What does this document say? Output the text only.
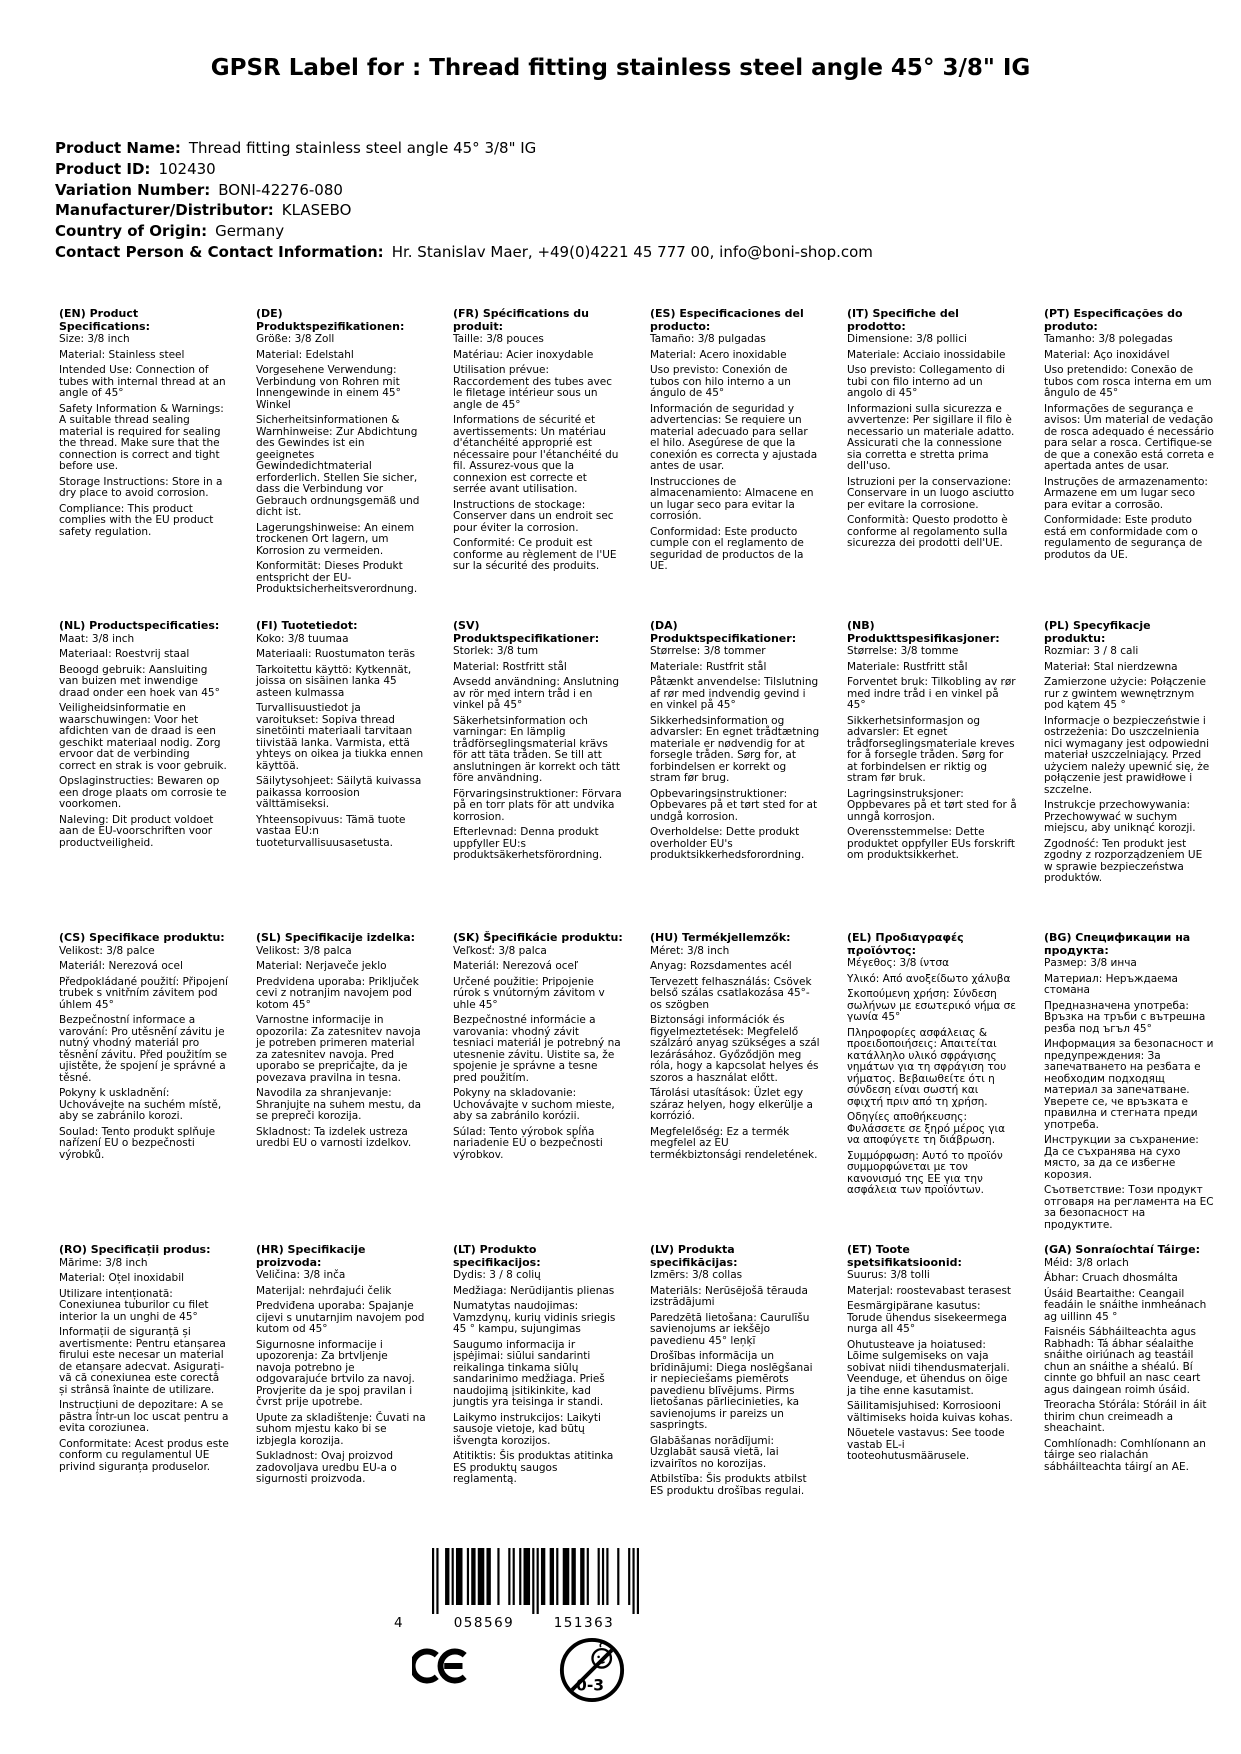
GPSR Label for : Thread fitting stainless steel angle 45° 3/8" IG
Product Name: Thread fitting stainless steel angle 45° 3/8" IG
Product ID: 102430
Variation Number: BONI-42276-080
Manufacturer/Distributor: KLASEBO
Country of Origin: Germany
Contact Person & Contact Information: Hr. Stanislav Maer, +49(0)4221 45 777 00, info@boni-shop.com
(EN) Product Specifications:

Size: 3/8 inch

Material: Stainless steel

Intended Use: Connection of tubes with internal thread at an angle of 45°

Safety Information & Warnings: A suitable thread sealing material is required for sealing the thread. Make sure that the connection is correct and tight before use.

Storage Instructions: Store in a dry place to avoid corrosion.

Compliance: This product complies with the EU product safety regulation.

(DE) Produktspezifikationen:

Größe: 3/8 Zoll

Material: Edelstahl

Vorgesehene Verwendung: Verbindung von Rohren mit Innengewinde in einem 45° Winkel

Sicherheitsinformationen & Warnhinweise: Zur Abdichtung des Gewindes ist ein geeignetes Gewindedichtmaterial erforderlich. Stellen Sie sicher, dass die Verbindung vor Gebrauch ordnungsgemäß und dicht ist.

Lagerungshinweise: An einem trockenen Ort lagern, um Korrosion zu vermeiden.

Konformität: Dieses Produkt entspricht der EU-Produktsicherheitsverordnung.

(FR) Spécifications du produit:

Taille: 3/8 pouces

Matériau: Acier inoxydable

Utilisation prévue: Raccordement des tubes avec le filetage intérieur sous un angle de 45°

Informations de sécurité et avertissements: Un matériau d'étanchéité approprié est nécessaire pour l'étanchéité du fil. Assurez-vous que la connexion est correcte et serrée avant utilisation.

Instructions de stockage: Conserver dans un endroit sec pour éviter la corrosion.

Conformité: Ce produit est conforme au règlement de l'UE sur la sécurité des produits.

(ES) Especificaciones del producto:

Tamaño: 3/8 pulgadas

Material: Acero inoxidable

Uso previsto: Conexión de tubos con hilo interno a un ángulo de 45°

Información de seguridad y advertencias: Se requiere un material adecuado para sellar el hilo. Asegúrese de que la conexión es correcta y ajustada antes de usar.

Instrucciones de almacenamiento: Almacene en un lugar seco para evitar la corrosión.

Conformidad: Este producto cumple con el reglamento de seguridad de productos de la UE.

(IT) Specifiche del prodotto:

Dimensione: 3/8 pollici

Materiale: Acciaio inossidabile

Uso previsto: Collegamento di tubi con filo interno ad un angolo di 45°

Informazioni sulla sicurezza e avvertenze: Per sigillare il filo è necessario un materiale adatto. Assicurati che la connessione sia corretta e stretta prima dell'uso.

Istruzioni per la conservazione: Conservare in un luogo asciutto per evitare la corrosione.

Conformità: Questo prodotto è conforme al regolamento sulla sicurezza dei prodotti dell'UE.

(PT) Especificações do produto:

Tamanho: 3/8 polegadas

Material: Aço inoxidável

Uso pretendido: Conexão de tubos com rosca interna em um ângulo de 45°

Informações de segurança e avisos: Um material de vedação de rosca adequado é necessário para selar a rosca. Certifique-se de que a conexão está correta e apertada antes de usar.

Instruções de armazenamento: Armazene em um lugar seco para evitar a corrosão.

Conformidade: Este produto está em conformidade com o regulamento de segurança de produtos da UE.

(NL) Productspecificaties:

Maat: 3/8 inch

Materiaal: Roestvrij staal

Beoogd gebruik: Aansluiting van buizen met inwendige draad onder een hoek van 45°

Veiligheidsinformatie en waarschuwingen: Voor het afdichten van de draad is een geschikt materiaal nodig. Zorg ervoor dat de verbinding correct en strak is voor gebruik.

Opslaginstructies: Bewaren op een droge plaats om corrosie te voorkomen.

Naleving: Dit product voldoet aan de EU-voorschriften voor productveiligheid.

(FI) Tuotetiedot:

Koko: 3/8 tuumaa

Materiaali: Ruostumaton teräs

Tarkoitettu käyttö: Kytkennät, joissa on sisäinen lanka 45 asteen kulmassa

Turvallisuustiedot ja varoitukset: Sopiva thread sinetöinti materiaali tarvitaan tiivistää lanka. Varmista, että yhteys on oikea ja tiukka ennen käyttöä.

Säilytysohjeet: Säilytä kuivassa paikassa korroosion välttämiseksi.

Yhteensopivuus: Tämä tuote vastaa EU:n tuoteturvallisuusasetusta.

(SV) Produktspecifikationer:

Storlek: 3/8 tum

Material: Rostfritt stål

Avsedd användning: Anslutning av rör med intern tråd i en vinkel på 45°

Säkerhetsinformation och varningar: En lämplig trådförseglingsmaterial krävs för att täta tråden. Se till att anslutningen är korrekt och tätt före användning.

Förvaringsinstruktioner: Förvara på en torr plats för att undvika korrosion.

Efterlevnad: Denna produkt uppfyller EU:s produktsäkerhetsförordning.

(DA) Produktspecifikationer:

Størrelse: 3/8 tommer

Materiale: Rustfrit stål

Påtænkt anvendelse: Tilslutning af rør med indvendig gevind i en vinkel på 45°

Sikkerhedsinformation og advarsler: En egnet trådtætning materiale er nødvendig for at forsegle tråden. Sørg for, at forbindelsen er korrekt og stram før brug.

Opbevaringsinstruktioner: Opbevares på et tørt sted for at undgå korrosion.

Overholdelse: Dette produkt overholder EU's produktsikkerhedsforordning.

(NB) Produkttspesifikasjoner:

Størrelse: 3/8 tomme

Materiale: Rustfritt stål

Forventet bruk: Tilkobling av rør med indre tråd i en vinkel på 45°

Sikkerhetsinformasjon og advarsler: Et egnet trådforseglingsmateriale kreves for å forsegle tråden. Sørg for at forbindelsen er riktig og stram før bruk.

Lagringsinstruksjoner: Oppbevares på et tørt sted for å unngå korrosjon.

Overensstemmelse: Dette produktet oppfyller EUs forskrift om produktsikkerhet.

(PL) Specyfikacje produktu:

Rozmiar: 3 / 8 cali

Materiał: Stal nierdzewna

Zamierzone użycie: Połączenie rur z gwintem wewnętrznym pod kątem 45 °

Informacje o bezpieczeństwie i ostrzeżenia: Do uszczelnienia nici wymagany jest odpowiedni materiał uszczelniający. Przed użyciem należy upewnić się, że połączenie jest prawidłowe i szczelne.

Instrukcje przechowywania: Przechowywać w suchym miejscu, aby uniknąć korozji.

Zgodność: Ten produkt jest zgodny z rozporządzeniem UE w sprawie bezpieczeństwa produktów.

(CS) Specifikace produktu:

Velikost: 3/8 palce

Materiál: Nerezová ocel

Předpokládané použití: Připojení trubek s vnitřním závitem pod úhlem 45°

Bezpečnostní informace a varování: Pro utěsnění závitu je nutný vhodný materiál pro těsnění závitu. Před použitím se ujistěte, že spojení je správné a těsné.

Pokyny k uskladnění: Uchovávejte na suchém místě, aby se zabránilo korozi.

Soulad: Tento produkt splňuje nařízení EU o bezpečnosti výrobků.

(SL) Specifikacije izdelka:

Velikost: 3/8 palca

Material: Nerjaveče jeklo

Predvidena uporaba: Priključek cevi z notranjim navojem pod kotom 45°

Varnostne informacije in opozorila: Za zatesnitev navoja je potreben primeren material za zatesnitev navoja. Pred uporabo se prepričajte, da je povezava pravilna in tesna.

Navodila za shranjevanje: Shranjujte na suhem mestu, da se prepreči korozija.

Skladnost: Ta izdelek ustreza uredbi EU o varnosti izdelkov.

(SK) Špecifikácie produktu:

Veľkosť: 3/8 palca

Materiál: Nerezová oceľ

Určené použitie: Pripojenie rúrok s vnútorným závitom v uhle 45°

Bezpečnostné informácie a varovania: vhodný závit tesniaci materiál je potrebný na utesnenie závitu. Uistite sa, že spojenie je správne a tesne pred použitím.

Pokyny na skladovanie: Uchovávajte v suchom mieste, aby sa zabránilo korózii.

Súlad: Tento výrobok spĺňa nariadenie EÚ o bezpečnosti výrobkov.

(HU) Termékjellemzők:

Méret: 3/8 inch

Anyag: Rozsdamentes acél

Tervezett felhasználás: Csövek belső szálas csatlakozása 45°-os szögben

Biztonsági információk és figyelmeztetések: Megfelelő szálzáró anyag szükséges a szál lezárásához. Győződjön meg róla, hogy a kapcsolat helyes és szoros a használat előtt.

Tárolási utasítások: Üzlet egy száraz helyen, hogy elkerülje a korrózió.

Megfelelőség: Ez a termék megfelel az EU termékbiztonsági rendeletének.

(EL) Προδιαγραφές προϊόντος:

Μέγεθος: 3/8 ίντσα

Υλικό: Από ανοξείδωτο χάλυβα

Σκοπούμενη χρήση: Σύνδεση σωλήνων με εσωτερικό νήμα σε γωνία 45°

Πληροφορίες ασφάλειας & προειδοποιήσεις: Απαιτείται κατάλληλο υλικό σφράγισης νημάτων για τη σφράγιση του νήματος. Βεβαιωθείτε ότι η σύνδεση είναι σωστή και σφιχτή πριν από τη χρήση.

Οδηγίες αποθήκευσης: Φυλάσσετε σε ξηρό μέρος για να αποφύγετε τη διάβρωση.

Συμμόρφωση: Αυτό το προϊόν συμμορφώνεται με τον κανονισμό της ΕΕ για την ασφάλεια των προϊόντων.

(BG) Спецификации на продукта:

Размер: 3/8 инча

Материал: Неръждаема стомана

Предназначена употреба: Връзка на тръби с вътрешна резба под ъгъл 45°

Информация за безопасност и предупреждения: За запечатването на резбата е необходим подходящ материал за запечатване. Уверете се, че връзката е правилна и стегната преди употреба.

Инструкции за съхранение: Да се съхранява на сухо място, за да се избегне корозия.

Съответствие: Този продукт отговаря на регламента на ЕС за безопасност на продуктите.

(RO) Specificații produs:

Mărime: 3/8 inch

Material: Oțel inoxidabil

Utilizare intenționată: Conexiunea tuburilor cu filet interior la un unghi de 45°

Informații de siguranță și avertismente: Pentru etanșarea firului este necesar un material de etanșare adecvat. Asigurați-vă că conexiunea este corectă și strânsă înainte de utilizare.

Instrucțiuni de depozitare: A se păstra într-un loc uscat pentru a evita coroziunea.

Conformitate: Acest produs este conform cu regulamentul UE privind siguranța produselor.

(HR) Specifikacije proizvoda:

Veličina: 3/8 inča

Materijal: nehrđajući čelik

Predviđena uporaba: Spajanje cijevi s unutarnjim navojem pod kutom od 45°

Sigurnosne informacije i upozorenja: Za brtvljenje navoja potrebno je odgovarajuće brtvilo za navoj. Provjerite da je spoj pravilan i čvrst prije upotrebe.

Upute za skladištenje: Čuvati na suhom mjestu kako bi se izbjegla korozija.

Sukladnost: Ovaj proizvod zadovoljava uredbu EU-a o sigurnosti proizvoda.

(LT) Produkto specifikacijos:

Dydis: 3 / 8 colių

Medžiaga: Nerūdijantis plienas

Numatytas naudojimas: Vamzdynų, kurių vidinis sriegis 45 ° kampu, sujungimas

Saugumo informacija ir įspėjimai: siūlui sandarinti reikalinga tinkama siūlų sandarinimo medžiaga. Prieš naudojimą įsitikinkite, kad jungtis yra teisinga ir standi.

Laikymo instrukcijos: Laikyti sausoje vietoje, kad būtų išvengta korozijos.

Atitiktis: Šis produktas atitinka ES produktų saugos reglamentą.

(LV) Produkta specifikācijas:

Izmērs: 3/8 collas

Materiāls: Nerūsējošā tērauda izstrādājumi

Paredzētā lietošana: Caurulīšu savienojums ar iekšējo pavedienu 45° leņķī

Drošības informācija un brīdinājumi: Diega noslēgšanai ir nepieciešams piemērots pavedienu blīvējums. Pirms lietošanas pārliecinieties, ka savienojums ir pareizs un saspringts.

Glabāšanas norādījumi: Uzglabāt sausā vietā, lai izvairītos no korozijas.

Atbilstība: Šis produkts atbilst ES produktu drošības regulai.

(ET) Toote spetsifikatsioonid:

Suurus: 3/8 tolli

Materjal: roostevabast terasest

Eesmärgipärane kasutus: Torude ühendus sisekeermega nurga all 45°

Ohutusteave ja hoiatused: Lõime sulgemiseks on vaja sobivat niidi tihendusmaterjali. Veenduge, et ühendus on õige ja tihe enne kasutamist.

Säilitamisjuhised: Korrosiooni vältimiseks hoida kuivas kohas.

Nõuetele vastavus: See toode vastab EL-i tooteohutusmäärusele.

(GA) Sonraíochtaí Táirge:

Méid: 3/8 orlach

Ábhar: Cruach dhosmálta

Úsáid Beartaithe: Ceangail feadáin le snáithe inmheánach ag uillinn 45 °

Faisnéis Sábháilteachta agus Rabhadh: Tá ábhar séalaithe snáithe oiriúnach ag teastáil chun an snáithe a shéalú. Bí cinnte go bhfuil an nasc ceart agus daingean roimh úsáid.

Treoracha Stórála: Stóráil in áit thirim chun creimeadh a sheachaint.

Comhlíonadh: Comhlíonann an táirge seo rialachán sábháilteachta táirgí an AE.

4	058569	151363
0-3
